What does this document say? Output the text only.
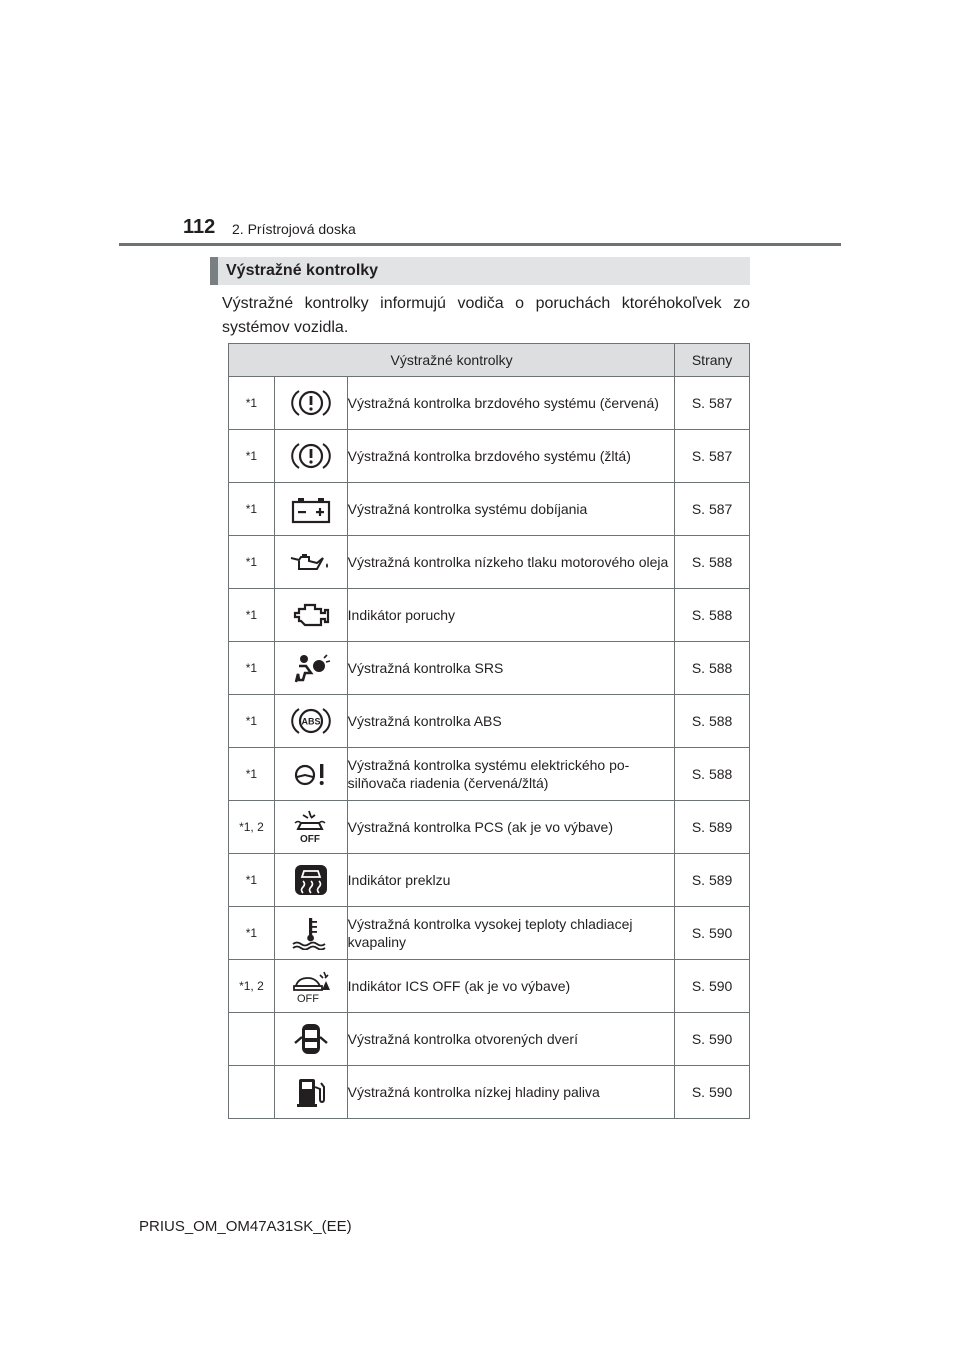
112 2. Prístrojová doska
Výstražné kontrolky
Výstražné kontrolky informujú vodiča o poruchách ktoréhokoľvek zo systémov vozidla.
Výstražné kontrolky			Strany
*1		Výstražná kontrolka brzdového systému (červená)	S. 587
*1		Výstražná kontrolka brzdového systému (žltá)	S. 587
*1		Výstražná kontrolka systému dobíjania	S. 587
*1		Výstražná kontrolka nízkeho tlaku motorového oleja	S. 588
*1		Indikátor poruchy	S. 588
*1		Výstražná kontrolka SRS	S. 588
*1	ABS	Výstražná kontrolka ABS	S. 588
*1		Výstražná kontrolka systému elektrického po-silňovača riadenia (červená/žltá)	S. 588
*1, 2	OFF	Výstražná kontrolka PCS (ak je vo výbave)	S. 589
*1		Indikátor preklzu	S. 589
*1		Výstražná kontrolka vysokej teploty chladiacej kvapaliny	S. 590
*1, 2	OFF	Indikátor ICS OFF (ak je vo výbave)	S. 590

	Výstražná kontrolka otvorených dverí	S. 590

	Výstražná kontrolka nízkej hladiny paliva	S. 590
PRIUS_OM_OM47A31SK_(EE)
